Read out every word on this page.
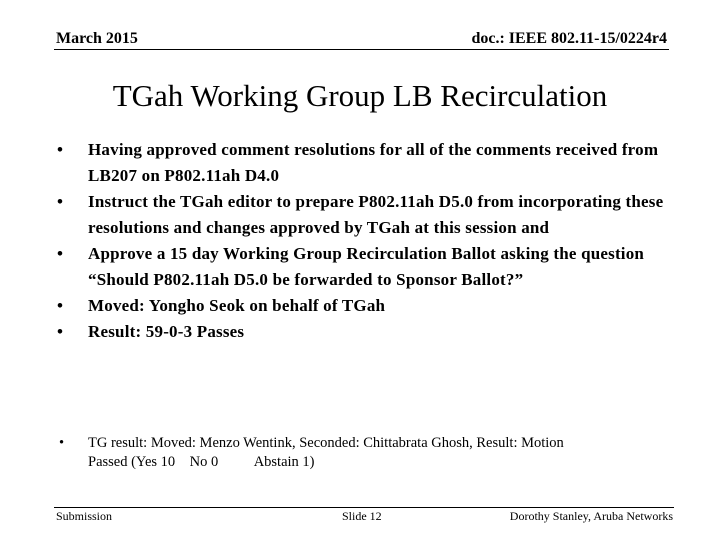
March 2015	doc.: IEEE 802.11-15/0224r4
TGah Working Group LB Recirculation
• Having approved comment resolutions for all of the comments received from LB207 on P802.11ah D4.0
• Instruct the TGah editor to prepare P802.11ah D5.0 from incorporating these resolutions and changes approved by TGah at this session and
• Approve a 15 day Working Group Recirculation Ballot asking the question “Should P802.11ah D5.0 be forwarded to Sponsor Ballot?”
• Moved: Yongho Seok on behalf of TGah
• Result: 59-0-3 Passes
• TG result: Moved: Menzo Wentink, Seconded: Chittabrata Ghosh, Result: Motion
Passed (Yes 10    No 0          Abstain 1)
Submission	Slide 12	Dorothy Stanley, Aruba Networks
